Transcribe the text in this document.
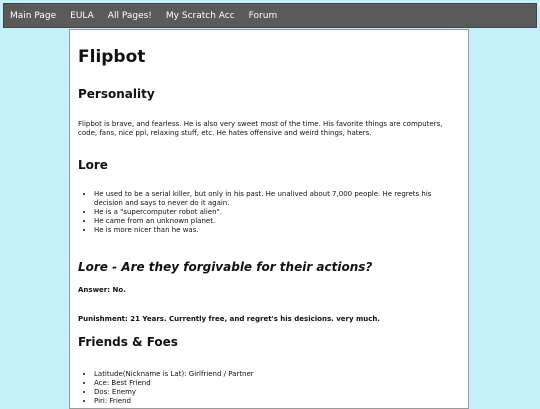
Main Page EULA All Pages! My Scratch Acc Forum
Flipbot
Personality

Flipbot is brave, and fearless. He is also very sweet most of the time. His favorite things are computers, code, fans, nice ppl, relaxing stuff, etc. He hates offensive and weird things, haters.

Lore
• He used to be a serial killer, but only in his past. He unalived about 7,000 people. He regrets his decision and says to never do it again.
• He is a "supercomputer robot alien".
• He came from an unknown planet.
• He is more nicer than he was.
Lore - Are they forgivable for their actions?

Answer: No.

Punishment: 21 Years. Currently free, and regret's his desicions. very much.

Friends & Foes
• Latitude(Nickname is Lat): Girlfriend / Partner
• Ace: Best Friend
• Dos: Enemy
• Piri: Friend
